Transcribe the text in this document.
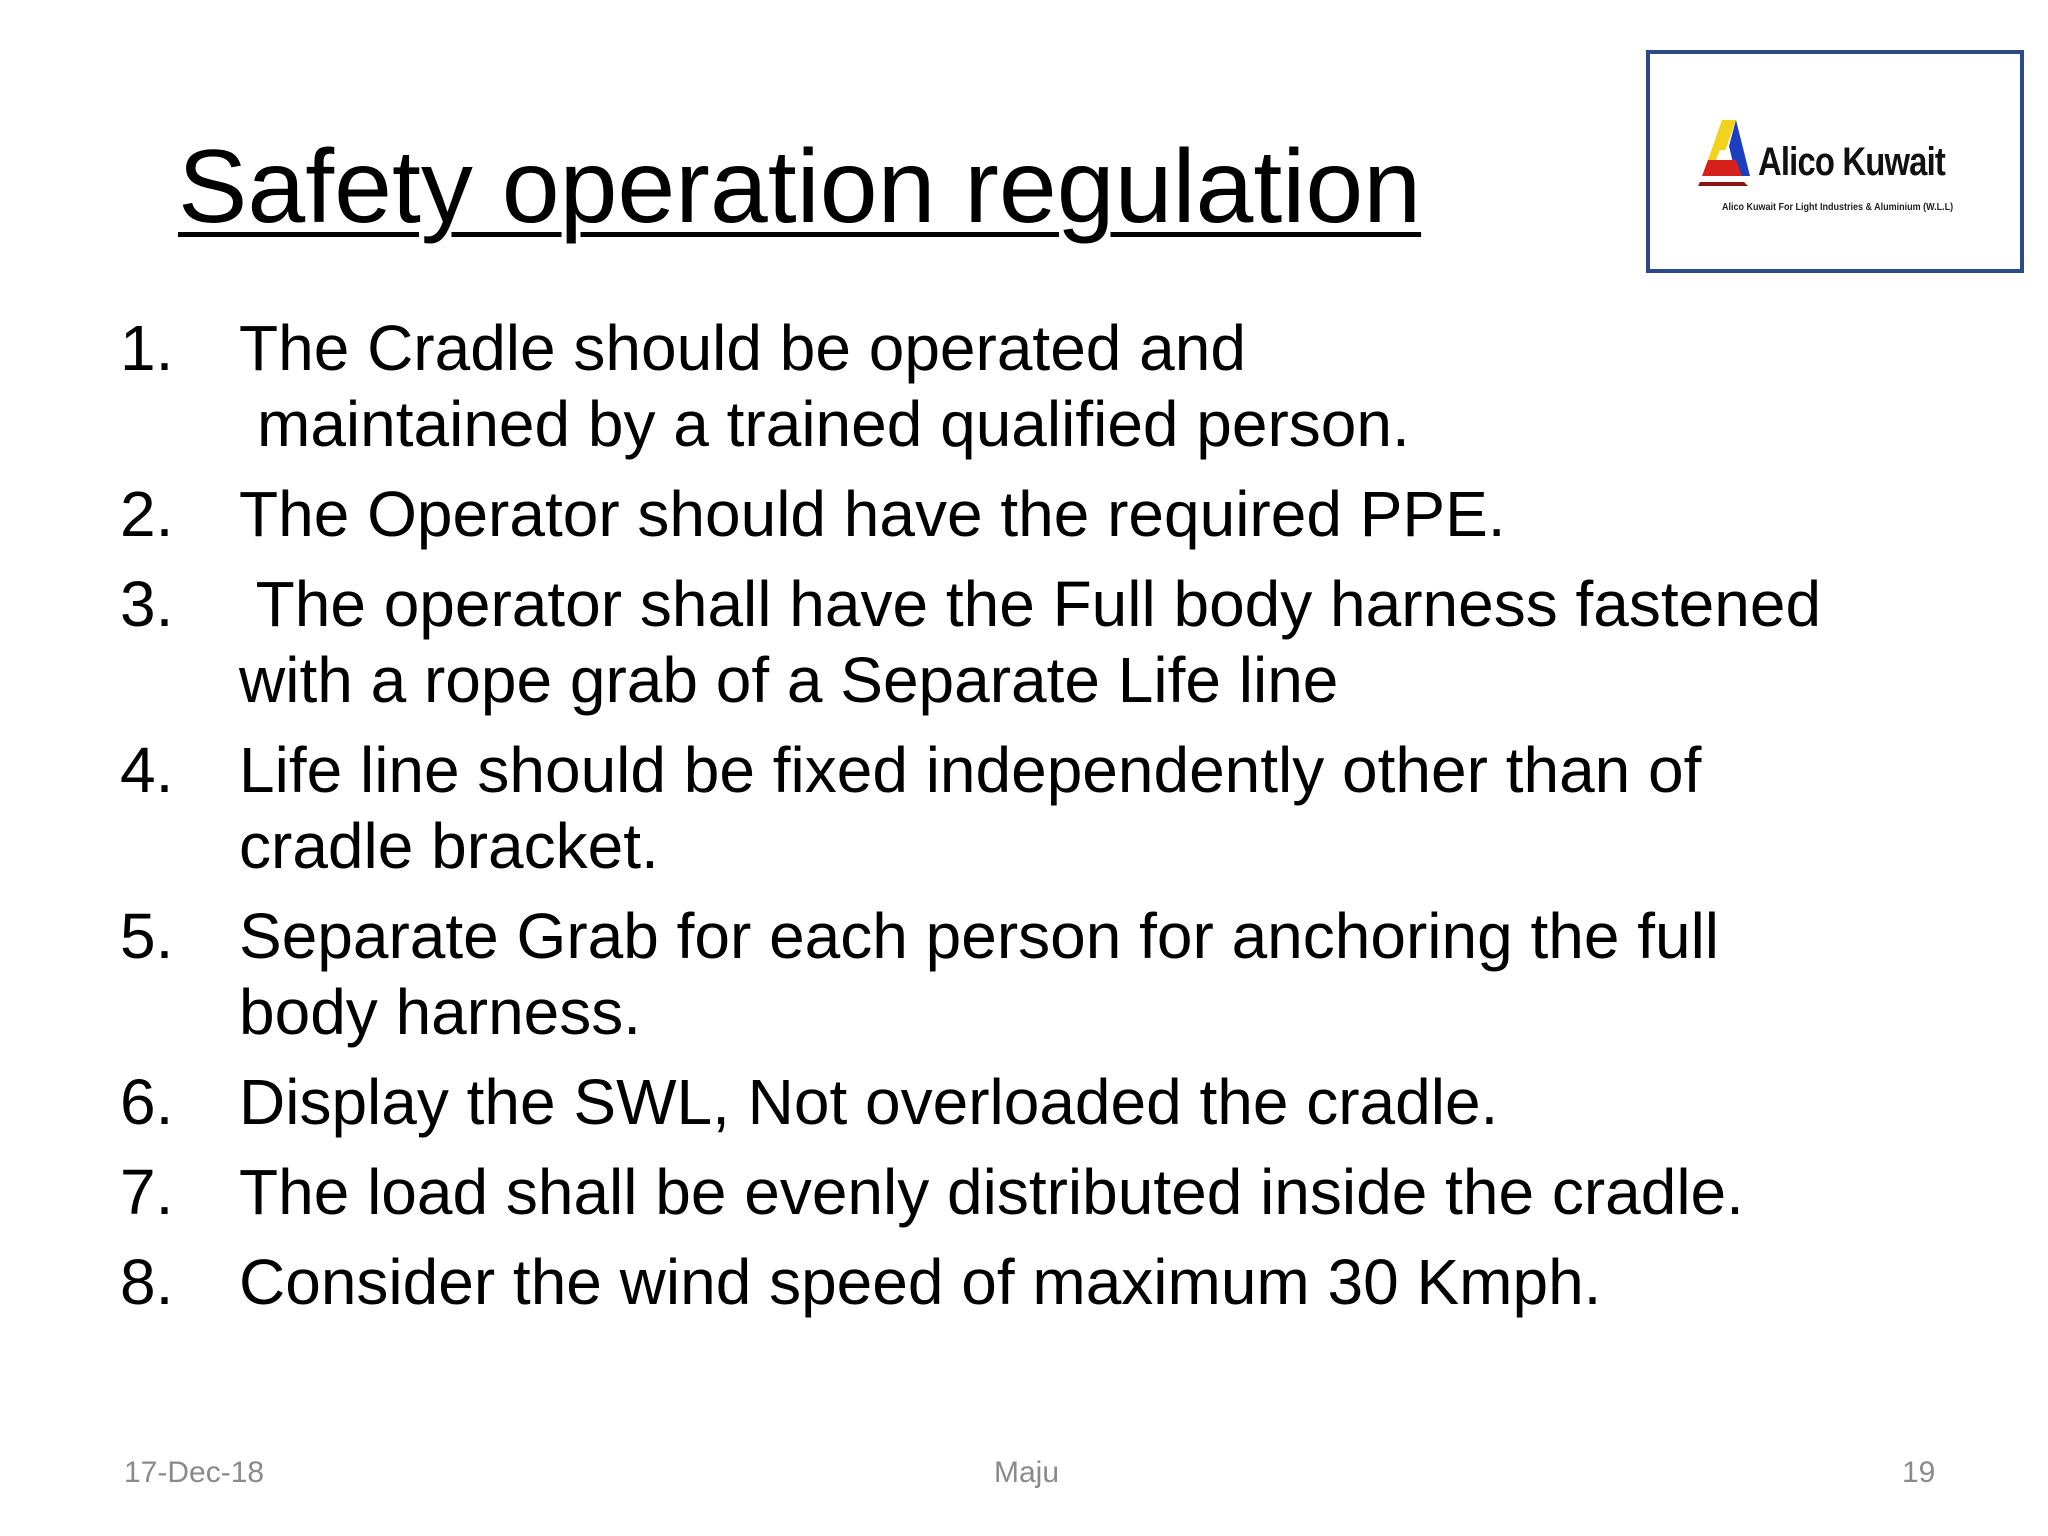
Safety operation regulation	Alico Kuwait
Alico Kuwait For Light Industries & Aluminium (W.L.L)
1.	The Cradle should be operated and
maintained by a trained qualified person.
2.	The Operator should have the required PPE.
3.	The operator shall have the Full body harness fastened
with a rope grab of a Separate Life line
4.	Life line should be fixed independently other than of
cradle bracket.
5.	Separate Grab for each person for anchoring the full
body harness.
6.	Display the SWL, Not overloaded the cradle.
7.	The load shall be evenly distributed inside the cradle.
8.	Consider the wind speed of maximum 30 Kmph.
17-Dec-18	Maju	19
